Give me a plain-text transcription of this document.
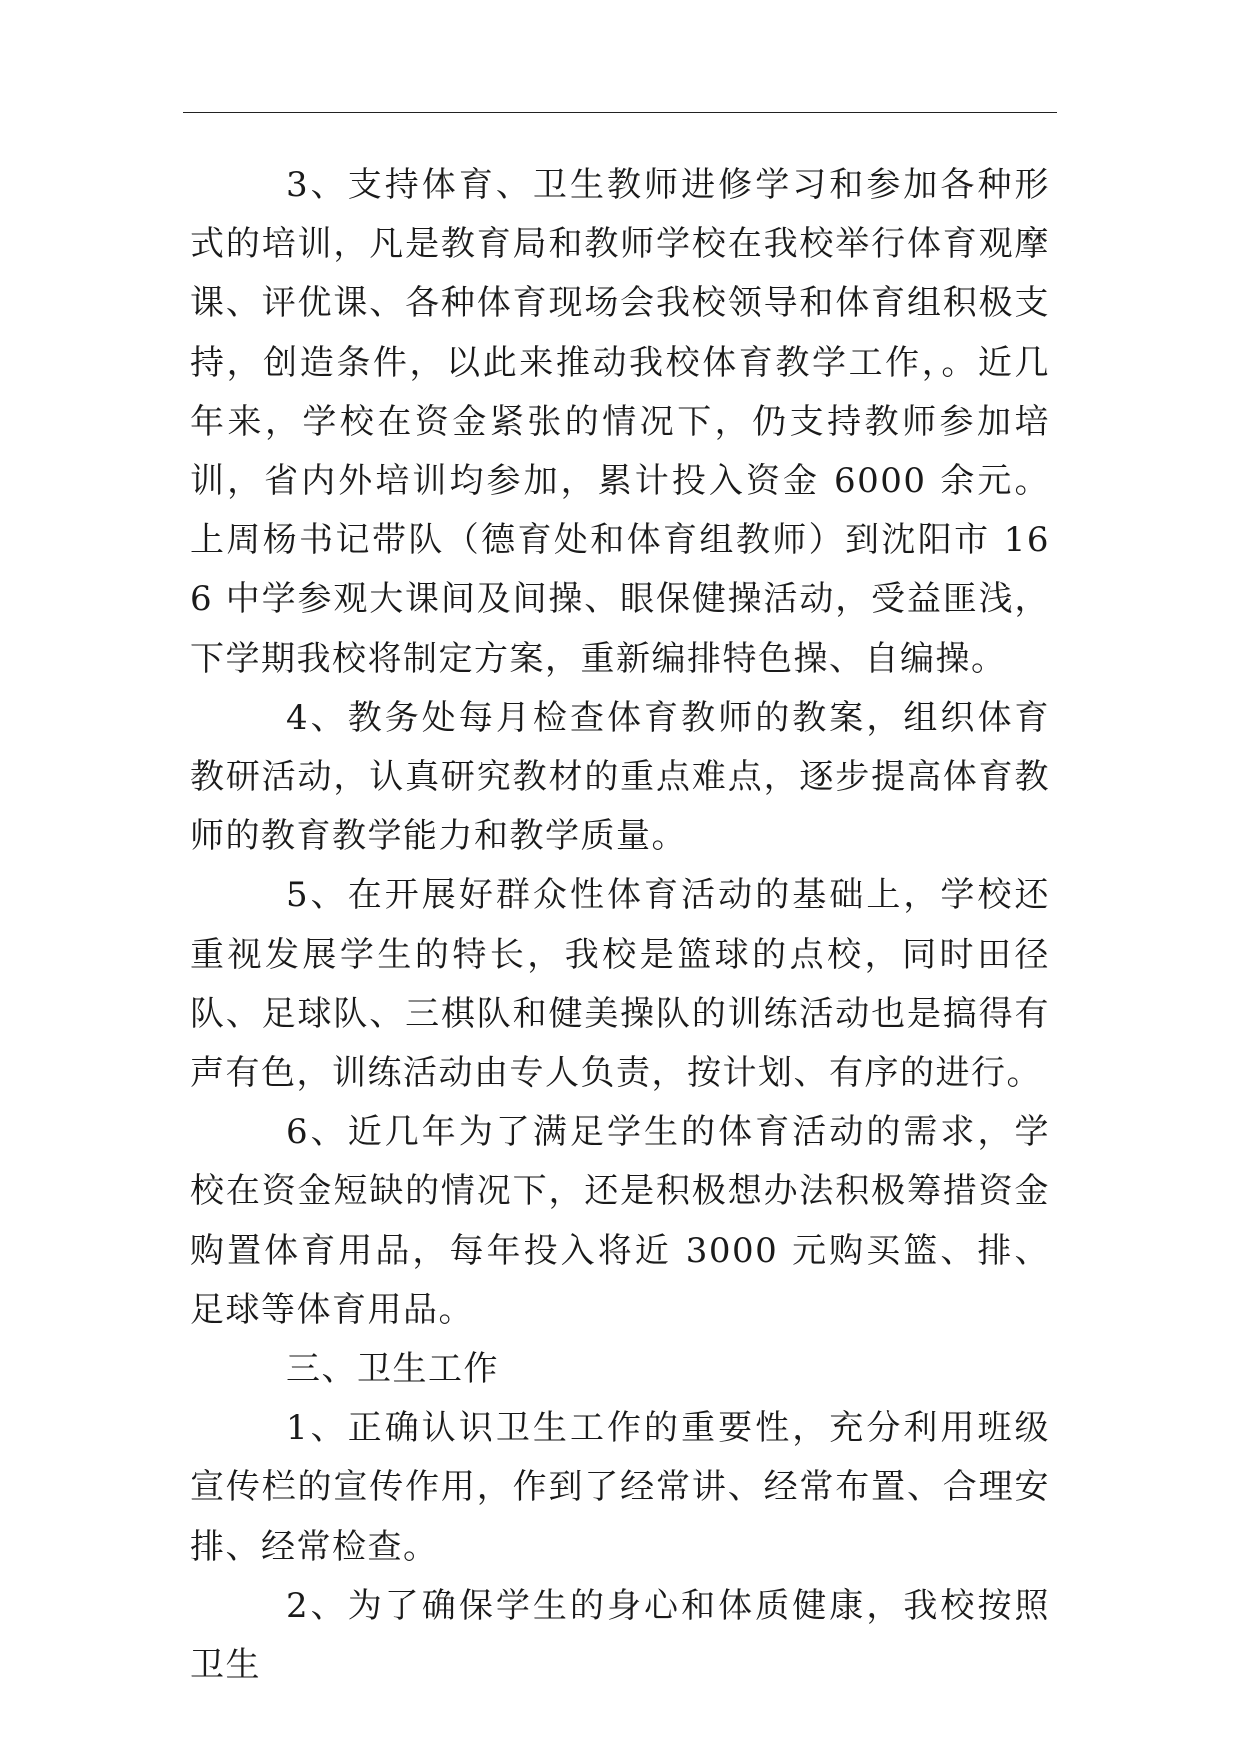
3、支持体育、卫生教师进修学习和参加各种形式的培训，凡是教育局和教师学校在我校举行体育观摩课、评优课、各种体育现场会我校领导和体育组积极支持，创造条件，以此来推动我校体育教学工作，。近几年来，学校在资金紧张的情况下，仍支持教师参加培训，省内外培训均参加，累计投入资金 6000 余元。上周杨书记带队（德育处和体育组教师）到沈阳市 166 中学参观大课间及间操、眼保健操活动，受益匪浅，下学期我校将制定方案，重新编排特色操、自编操。

4、教务处每月检查体育教师的教案，组织体育教研活动，认真研究教材的重点难点，逐步提高体育教师的教育教学能力和教学质量。

5、在开展好群众性体育活动的基础上，学校还重视发展学生的特长，我校是篮球的点校，同时田径队、足球队、三棋队和健美操队的训练活动也是搞得有声有色，训练活动由专人负责，按计划、有序的进行。

6、近几年为了满足学生的体育活动的需求，学校在资金短缺的情况下，还是积极想办法积极筹措资金购置体育用品，每年投入将近 3000 元购买篮、排、足球等体育用品。

三、卫生工作

1、正确认识卫生工作的重要性，充分利用班级宣传栏的宣传作用，作到了经常讲、经常布置、合理安排、经常检查。

2、为了确保学生的身心和体质健康，我校按照卫生
